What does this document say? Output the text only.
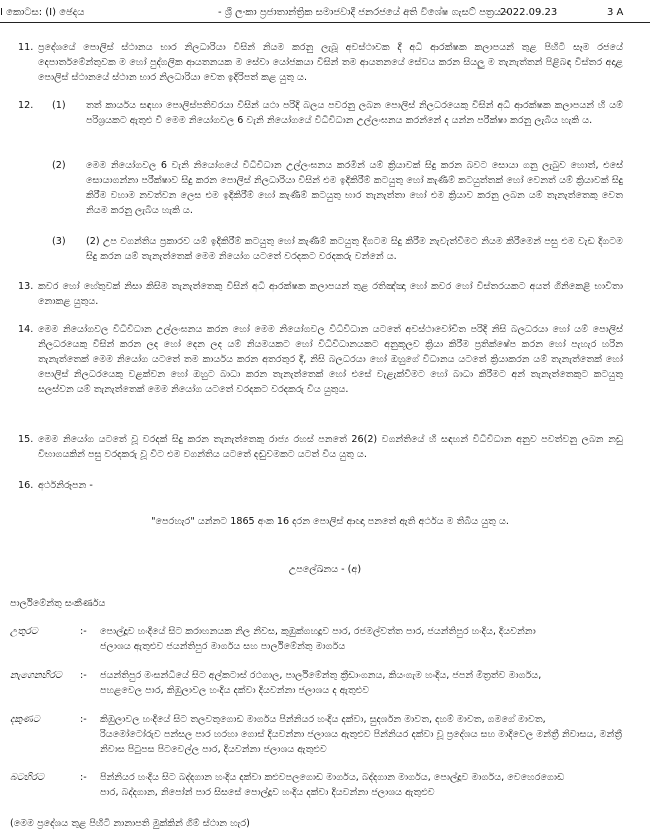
I කොටස: (I) ඡෙදය	- ශ්‍රී ලංකා ප්‍රජාතාන්ත්‍රික සමාජවාදී ජනරජයේ අති විශේෂ ගැසට් පත්‍රය -
2022.09.23	3 A
11. ප්‍රදේශයේ පොලිස් ස්ථානය භාර නිලධාරියා විසින් නියම කරනු ලැබූ අවස්ථාවක දී අධි ආරක්ෂක කලාපයන් තුළ පිහිටි සෑම රජයේ දෙපාර්තමේන්තුවක ම හෝ පුද්ගලික ආයතනයක ම සේවා යෝජකයා විසින් තම ආයතනයේ සේවය කරන සියලු ම තැනැත්තන් පිළිබඳ විස්තර අදාළ පොලිස් ස්ථානයේ ස්ථාන භාර නිලධාරියා වෙත ඉදිරිපත් කළ යුතු ය.
12. (1) තත් කාර්යය සඳහා පොලිස්පතිවරයා විසින් යථා පරිදි බලය පවරනු ලබන පොලිස් නිලධරයෙකු විසින් අධි ආරක්ෂක කලාපයන් හි යම් පරිශ්‍රයකට ඇතුළු වී මෙම නියෝගවල 6 වැනි නියෝගයේ විධිවිධාන උල්ලංඝනය කරන්නේ ද යන්න පරීක්ෂා කරනු ලැබිය හැකි ය.
(2) මෙම නියෝගවල 6 වැනි නියෝගයේ විධිවිධාන උල්ලංඝනය කරමින් යම් ක්‍රියාවක් සිදු කරන බවට සොයා ගනු ලැබුව හොත්, එසේ සොයාගන්නා පරීක්ෂාව සිදු කරන පොලිස් නිලධාරියා විසින් එම ඉදිකිරීම් කටයුතු හෝ කැණීම් කටයුත්තක් හෝ වෙනත් යම් ක්‍රියාවක් සිදු කිරීම වහාම නවත්වන ලෙස එම ඉදිකිරීම් හෝ කැණීම් කටයුතු භාර තැනැත්තා හෝ එම ක්‍රියාව කරනු ලබන යම් තැනැත්තෙකු වෙත නියම කරනු ලැබිය හැකි ය.
(3) (2) උප වගන්තිය ප්‍රකාරව යම් ඉදිකිරීම් කටයුතු හෝ කැණීම් කටයුතු දිගටම සිදු කිරීම නැවැත්වීමට නියම කිරීමෙන් පසු එම වැඩ දිගටම සිදු කරන යම් තැනැත්තෙක් මෙම නියෝග යටතේ වරදකට වරදකරු වන්නේ ය.
13. කවර හෝ හේතුවක් නිසා කිසිම තැනැත්තෙකු විසින් අධි ආරක්ෂක කලාපයන් තුළ රතිඤ්ඤා හෝ කවර හෝ විස්තරයකට අයත් ගිනිකෙළි භාවිතා නොකළ යුතුය.
14. මෙම නියෝගවල විධිවිධාන උල්ලංඝනය කරන හෝ මෙම නියෝගවල විධිවිධාන යටතේ අවස්ථාවෝචිත පරිදි නිසි බලධරයා හෝ යම් පොලිස් නිලධරයෙකු විසින් කරන ලද හෝ දෙන ලද යම් නියමයකට හෝ විධිවිධානයකට අනුකූලව ක්‍රියා කිරීම ප්‍රතික්ෂේප කරන හෝ පැහැර හරින තැනැත්තෙක් මෙම නියෝග යටතේ තම කාර්යය කරන අතරතුර දී, නිසි බලධරයා හෝ ඔහුගේ විධානය යටතේ ක්‍රියාකරන යම් තැනැත්තෙක් හෝ පොලිස් නිලධරයෙකු වළක්වන හෝ ඔහුට බාධා කරන තැනැත්තෙක් හෝ එසේ වැළැක්වීමට හෝ බාධා කිරීමට අන් තැනැත්තෙකුට කටයුතු සලස්වන යම් තැනැත්තෙක් මෙම නියෝග යටතේ වරදකට වරදකරු විය යුතුය.
15. මෙම නියෝග යටතේ වූ වරදක් සිදු කරන තැනැත්තෙකු රාජ්‍ය රහස් පනතේ 26(2) වගන්තියේ හි සඳහන් විධිවිධාන අනුව පවත්වනු ලබන නඩු විභාගයකින් පසු වරදකරු වූ විට එම වගන්තිය යටතේ දඬුවමකට යටත් විය යුතු ය.
16. අර්ථනිරූපන -
"පෙරහැර" යන්නට 1865 අංක 16 දරන පොලිස් ආඥා පනතේ ඇති අර්ථය ම තිබිය යුතු ය.
උපලේඛනය - (අ)
පාර්ලිමේන්තු සංකීර්ණය
උතුරට	:- පොල්දූව හංදියේ සිට කරාහනයක නිල නිවස, කුඹුක්ගහදූව පාර, රජමල්වත්ත පාර, ජයන්තිපුර හංදිය, දියවන්නා
ජලාශය ඇතුළුව ජයන්තිපුර මාර්ගය සහ පාර්ලිමේන්තු මාර්ගය
නැගෙනහිරට :- ජයන්තිපුර මංසන්ධියේ සිට අල්කටාස් රථගාල, පාර්ලිමේන්තු ක්‍රීඩාංගනය, කියංගැම හංදිය, ජපන් මිත්‍රත්ව මාර්ගය,
පහළවෙල පාර, කිඹුලාවල හංදිය දක්වා දියවන්නා ජලාශය ද ඇතුළුව
දකුණට	:- කිඹුලාවල හංදියේ සිට තලවතුගොඩ මාර්ගය පින්නියර හංදිය දක්වා, සුදර්ශන මාවත, දහම් මාවත, ගමගේ මාවත,
රියමෝටෝරුව පන්සල පාර හරහා ගොස් දියවන්නා ජලාශය ඇතුළුව පින්නියර දක්වා වූ ප්‍රදේශය සහ මාදිවෙල මන්ත්‍රී නිවාසය, මන්ත්‍රී
නිවාස පිටුපස පිටවෙල්ල පාර, දියවන්නා ජලාශය ඇතුළුව
බටහිරට	:- පින්නියර හංදිය සිට බද්දගාන හංදිය දක්වා කළුවපලගොඩ මාර්ගය, බද්දගාන මාර්ගය, පොල්දූව මාර්ගය, වෙහෙරගොඩ
පාර, බද්දගාන, නිපෝන් පාර සිසසේ පොල්දූව හංදිය දක්වා දියවන්නා ජලාශය ඇතුළුව
(මෙම ප්‍රදේශය තුළ පිහිටි නානාපති මුක්කින් ගිම් ස්ථාන හැර)
